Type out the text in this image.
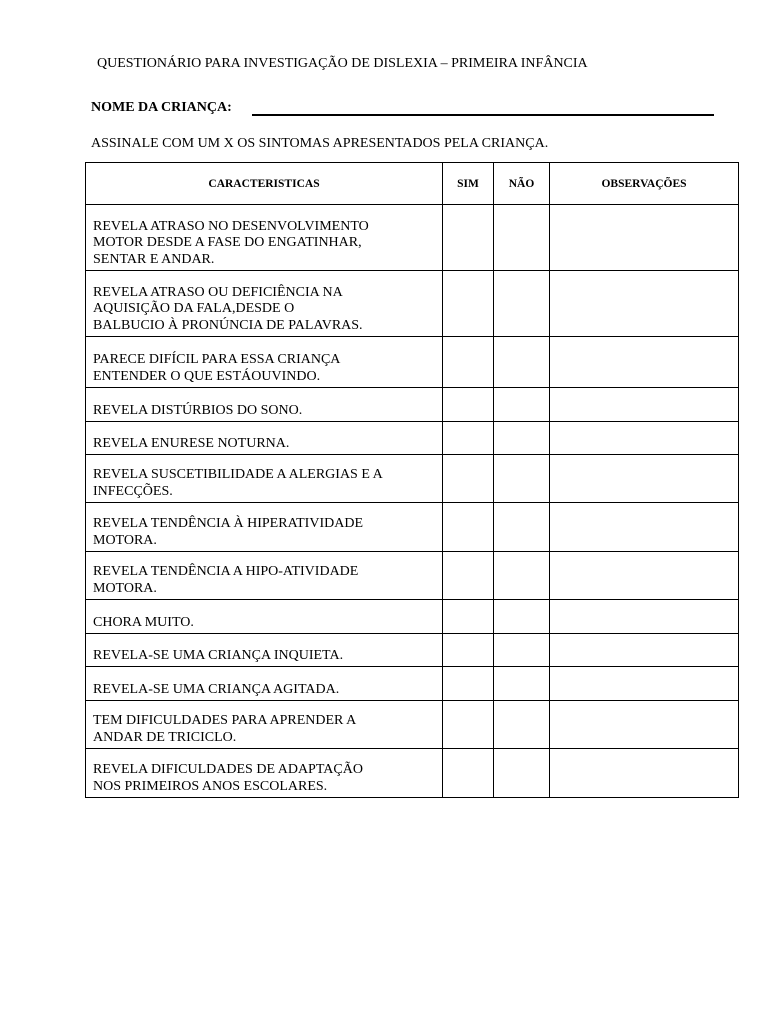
QUESTIONÁRIO PARA INVESTIGAÇÃO DE DISLEXIA – PRIMEIRA INFÂNCIA
NOME DA CRIANÇA:
ASSINALE COM UM X OS SINTOMAS APRESENTADOS PELA CRIANÇA.
CARACTERISTICAS	SIM	NÃO	OBSERVAÇÕES

REVELA ATRASO NO DESENVOLVIMENTO
MOTOR DESDE A FASE DO ENGATINHAR,
SENTAR E ANDAR.			

REVELA ATRASO OU DEFICIÊNCIA NA
AQUISIÇÃO DA FALA,DESDE O
BALBUCIO À PRONÚNCIA DE PALAVRAS.			

PARECE DIFÍCIL PARA ESSA CRIANÇA
ENTENDER O QUE ESTÁOUVINDO.			

REVELA DISTÚRBIOS DO SONO.			

REVELA ENURESE NOTURNA.			

REVELA SUSCETIBILIDADE A ALERGIAS E A
INFECÇÕES.			

REVELA TENDÊNCIA À HIPERATIVIDADE
MOTORA.			

REVELA TENDÊNCIA A HIPO-ATIVIDADE
MOTORA.			

CHORA MUITO.			

REVELA-SE UMA CRIANÇA INQUIETA.			

REVELA-SE UMA CRIANÇA AGITADA.			

TEM DIFICULDADES PARA APRENDER A
ANDAR DE TRICICLO.			

REVELA DIFICULDADES DE ADAPTAÇÃO
NOS PRIMEIROS ANOS ESCOLARES.			
